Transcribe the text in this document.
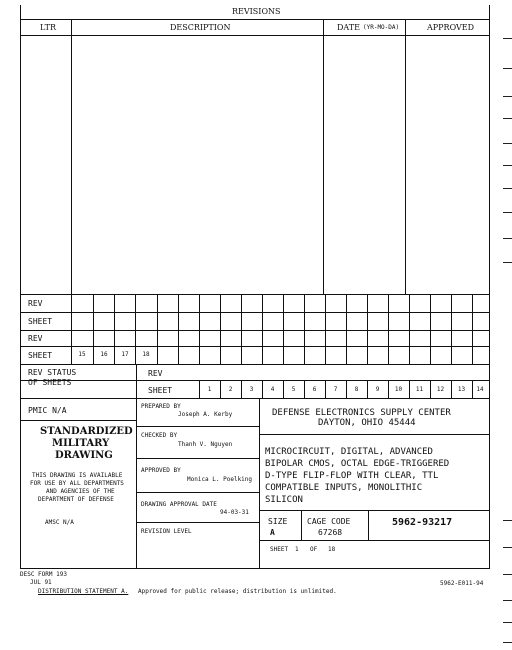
REVISIONS
LTR	DESCRIPTION	DATE (YR-MO-DA)	APPROVED
REV
SHEET
REV
SHEET	15	16	17	18
REV STATUS
OF SHEETS
REV
SHEET	1	2	3	4	5	6	7	8	9	10	11	12	13	14
PMIC N/A
STANDARDIZED
MILITARY
DRAWING
THIS DRAWING IS AVAILABLE
FOR USE BY ALL DEPARTMENTS
AND AGENCIES OF THE
DEPARTMENT OF DEFENSE
AMSC N/A
PREPARED BY
Joseph A. Kerby
CHECKED BY
Thanh V. Nguyen
APPROVED BY
Monica L. Poelking
DRAWING APPROVAL DATE
94-03-31
REVISION LEVEL
DEFENSE ELECTRONICS SUPPLY CENTER
DAYTON, OHIO 45444
MICROCIRCUIT, DIGITAL, ADVANCED
BIPOLAR CMOS, OCTAL EDGE-TRIGGERED
D-TYPE FLIP-FLOP WITH CLEAR, TTL
COMPATIBLE INPUTS, MONOLITHIC
SILICON
SIZE
A
CAGE CODE
67268
5962-93217
SHEET 1 OF 18
DESC FORM 193
JUL 91
DISTRIBUTION STATEMENT A. Approved for public release; distribution is unlimited.
5962-E011-94
